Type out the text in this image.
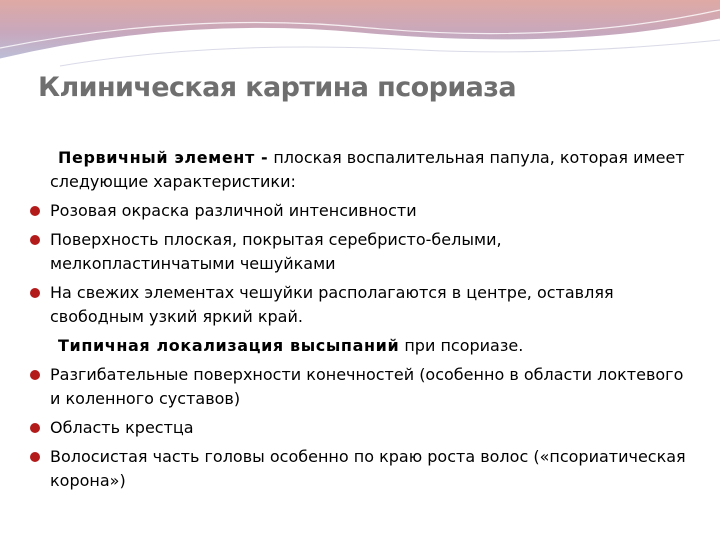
Клиническая картина псориаза

Первичный элемент - плоская воспалительная папула, которая имеет следующие характеристики:

Розовая окраска различной интенсивности
Поверхность плоская, покрытая серебристо-белыми, мелкопластинчатыми чешуйками
На свежих элементах чешуйки располагаются в центре, оставляя свободным узкий яркий край.

Типичная локализация высыпаний при псориазе.

Разгибательные поверхности конечностей (особенно в области локтевого и коленного суставов)
Область крестца
Волосистая часть головы особенно по краю роста волос («псориатическая корона»)
